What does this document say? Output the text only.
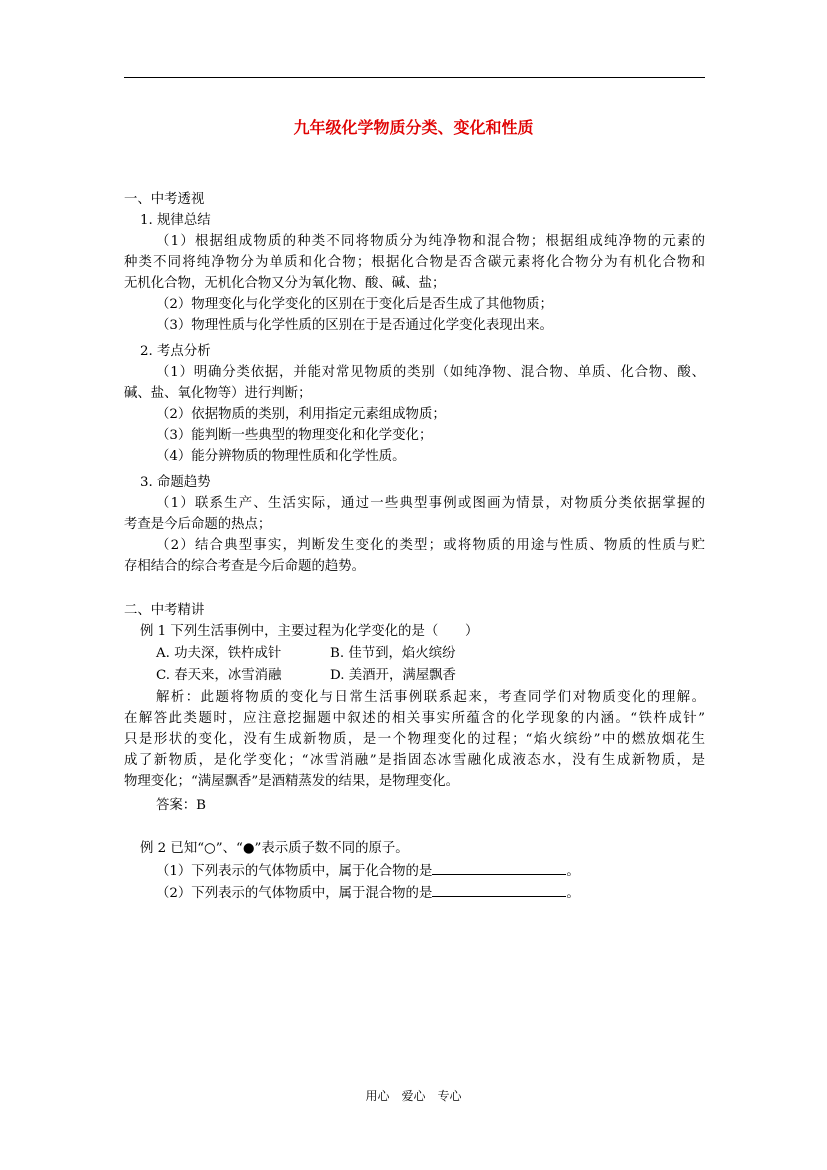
九年级化学物质分类、变化和性质
一、中考透视
1. 规律总结
（1）根据组成物质的种类不同将物质分为纯净物和混合物；根据组成纯净物的元素的
种类不同将纯净物分为单质和化合物；根据化合物是否含碳元素将化合物分为有机化合物和
无机化合物，无机化合物又分为氧化物、酸、碱、盐；
（2）物理变化与化学变化的区别在于变化后是否生成了其他物质；
（3）物理性质与化学性质的区别在于是否通过化学变化表现出来。
2. 考点分析
（1）明确分类依据，并能对常见物质的类别（如纯净物、混合物、单质、化合物、酸、
碱、盐、氧化物等）进行判断；
（2）依据物质的类别，利用指定元素组成物质；
（3）能判断一些典型的物理变化和化学变化；
（4）能分辨物质的物理性质和化学性质。
3. 命题趋势
（1）联系生产、生活实际，通过一些典型事例或图画为情景，对物质分类依据掌握的
考查是今后命题的热点；
（2）结合典型事实，判断发生变化的类型；或将物质的用途与性质、物质的性质与贮
存相结合的综合考查是今后命题的趋势。
二、中考精讲
例 1 下列生活事例中，主要过程为化学变化的是（　　）
A. 功夫深，铁杵成针	B. 佳节到，焰火缤纷
C. 春天来，冰雪消融	D. 美酒开，满屋飘香
解析：此题将物质的变化与日常生活事例联系起来，考查同学们对物质变化的理解。
在解答此类题时，应注意挖掘题中叙述的相关事实所蕴含的化学现象的内涵。“铁杵成针”
只是形状的变化，没有生成新物质，是一个物理变化的过程；“焰火缤纷”中的燃放烟花生
成了新物质，是化学变化；“冰雪消融”是指固态冰雪融化成液态水，没有生成新物质，是
物理变化；“满屋飘香”是酒精蒸发的结果，是物理变化。
答案：B
例 2 已知“○”、“●”表示质子数不同的原子。
（1）下列表示的气体物质中，属于化合物的是	。
（2）下列表示的气体物质中，属于混合物的是	。
用心　爱心　专心
